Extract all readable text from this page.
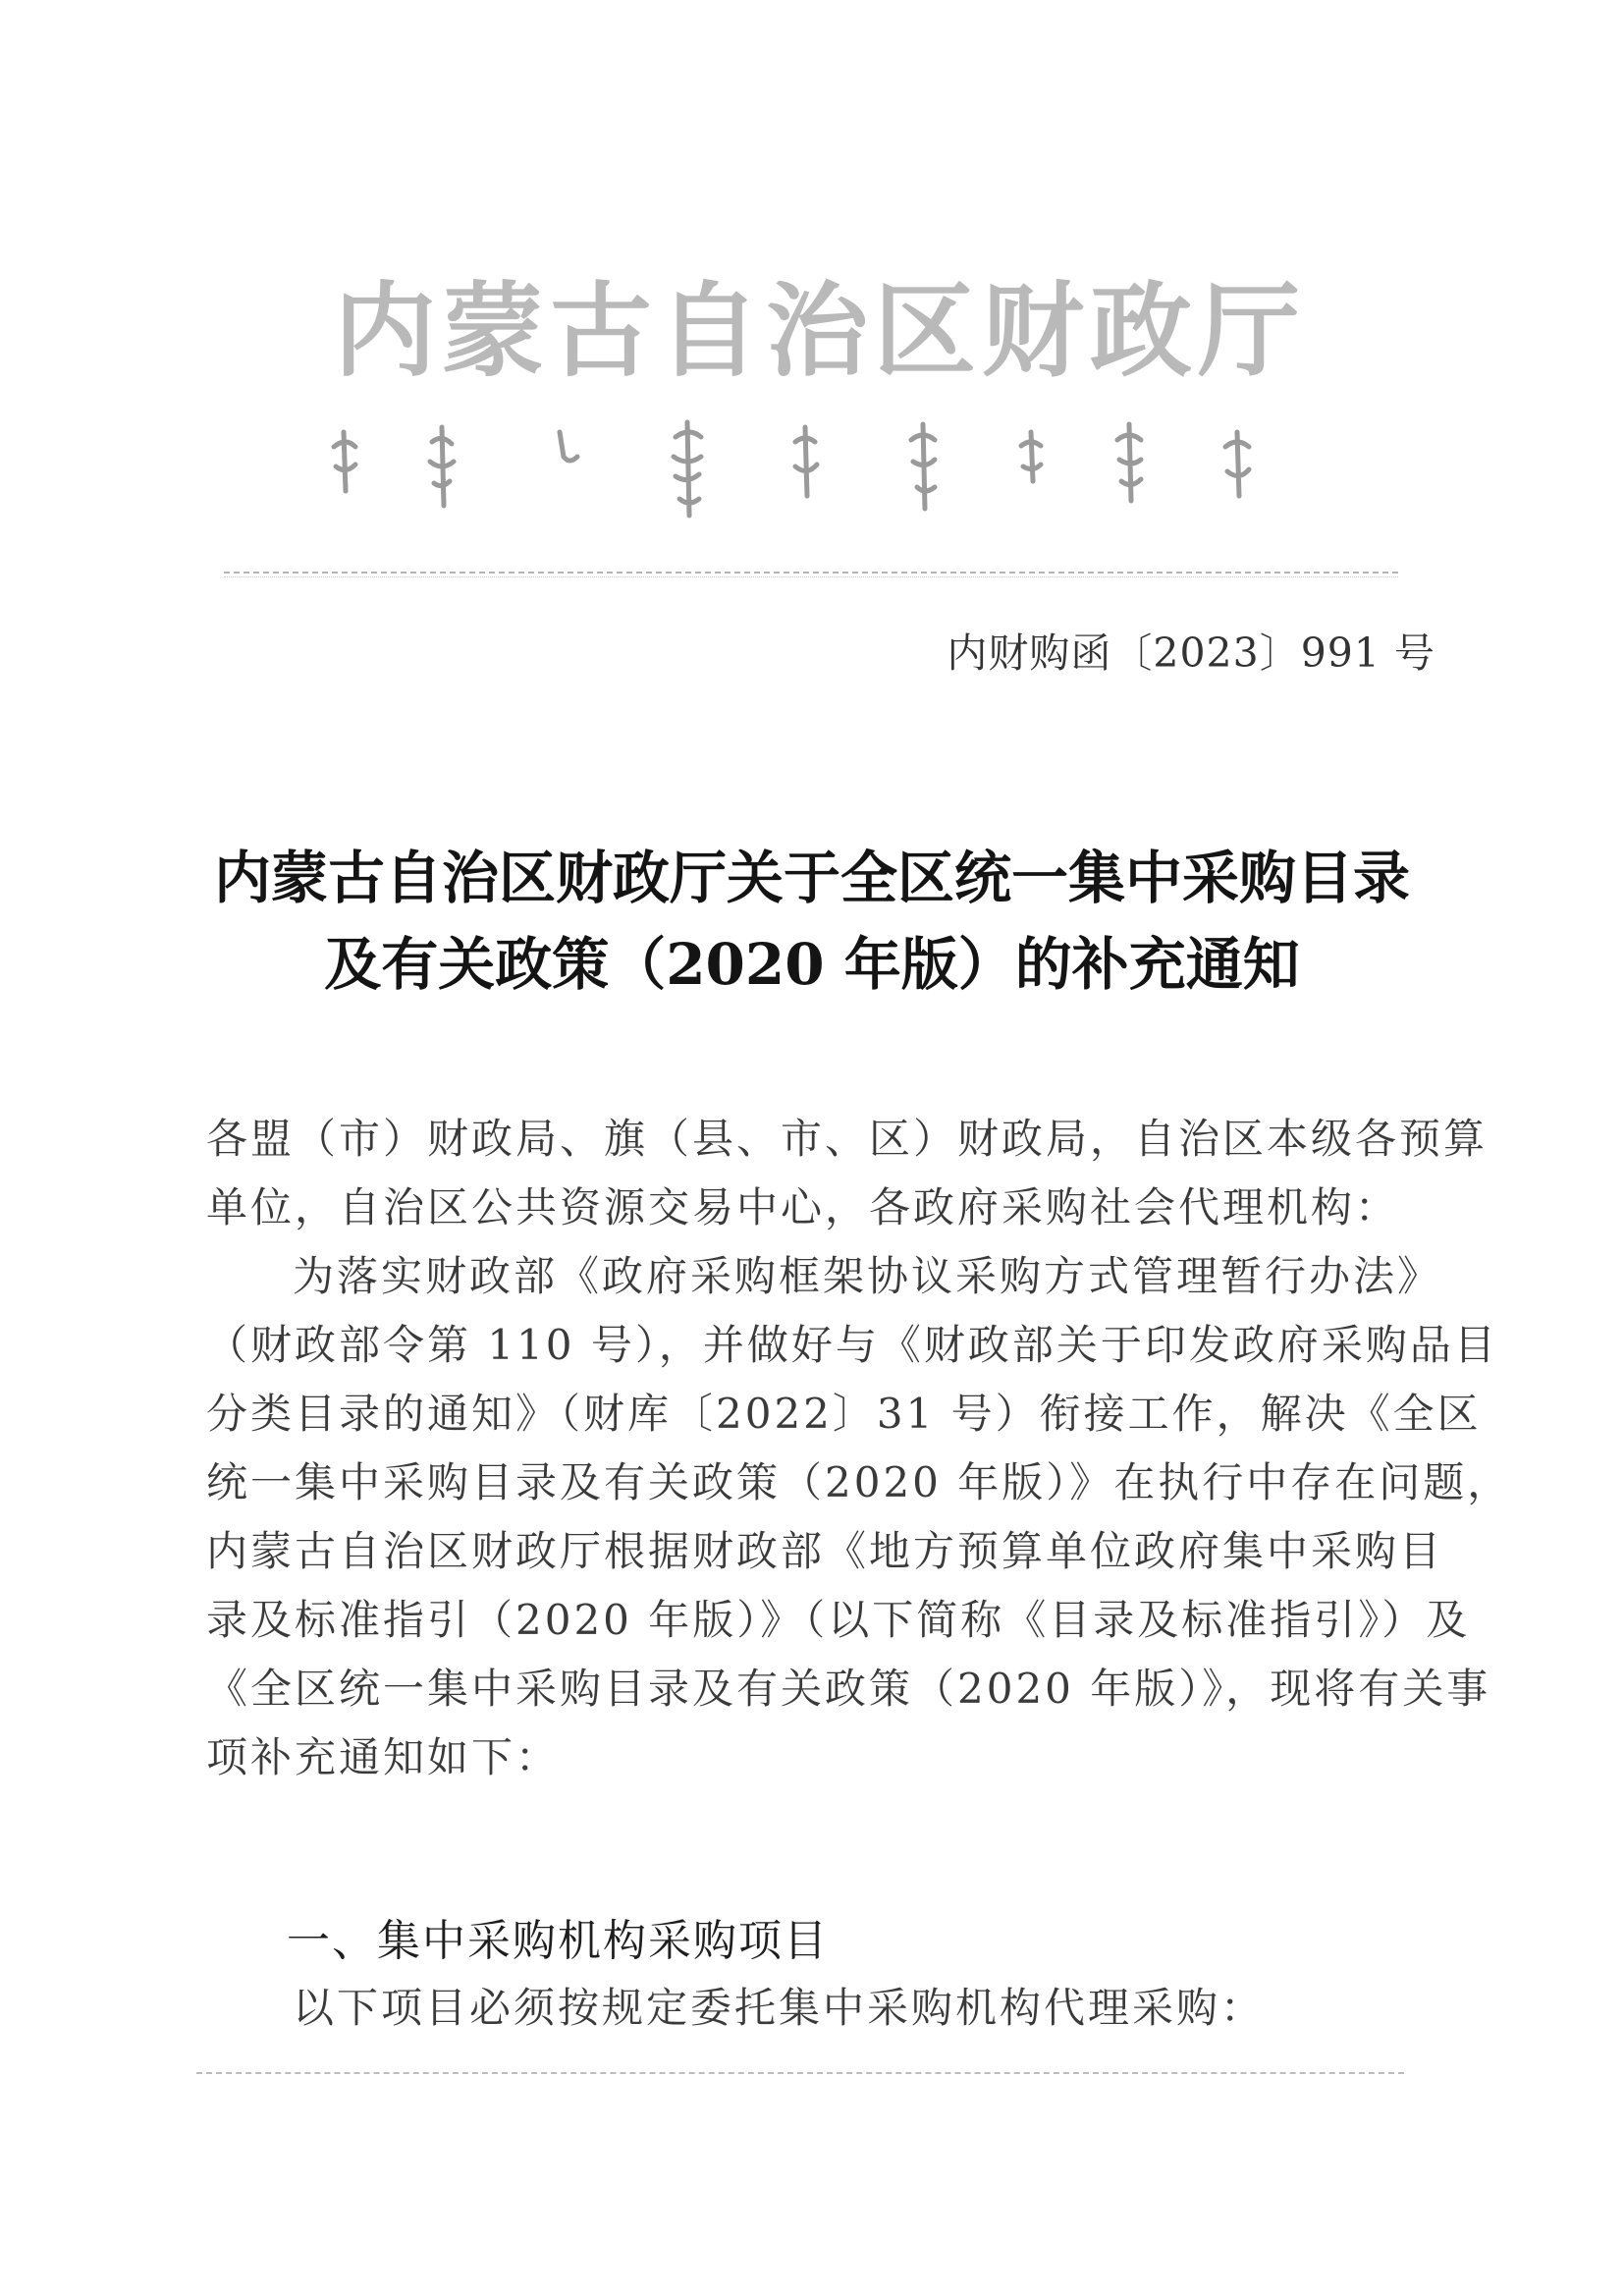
内蒙古自治区财政厅
内财购函〔2023〕991 号
内蒙古自治区财政厅关于全区统一集中采购目录
及有关政策（2020 年版）的补充通知
各盟（市）财政局、旗（县、市、区）财政局，自治区本级各预算
单位，自治区公共资源交易中心，各政府采购社会代理机构：
为落实财政部《政府采购框架协议采购方式管理暂行办法》
（财政部令第 110 号），并做好与《财政部关于印发政府采购品目
分类目录的通知》（财库〔2022〕31 号）衔接工作，解决《全区
统一集中采购目录及有关政策（2020 年版）》在执行中存在问题，
内蒙古自治区财政厅根据财政部《地方预算单位政府集中采购目
录及标准指引（2020 年版）》（以下简称《目录及标准指引》）及
《全区统一集中采购目录及有关政策（2020 年版）》，现将有关事
项补充通知如下：
一、集中采购机构采购项目
以下项目必须按规定委托集中采购机构代理采购：
